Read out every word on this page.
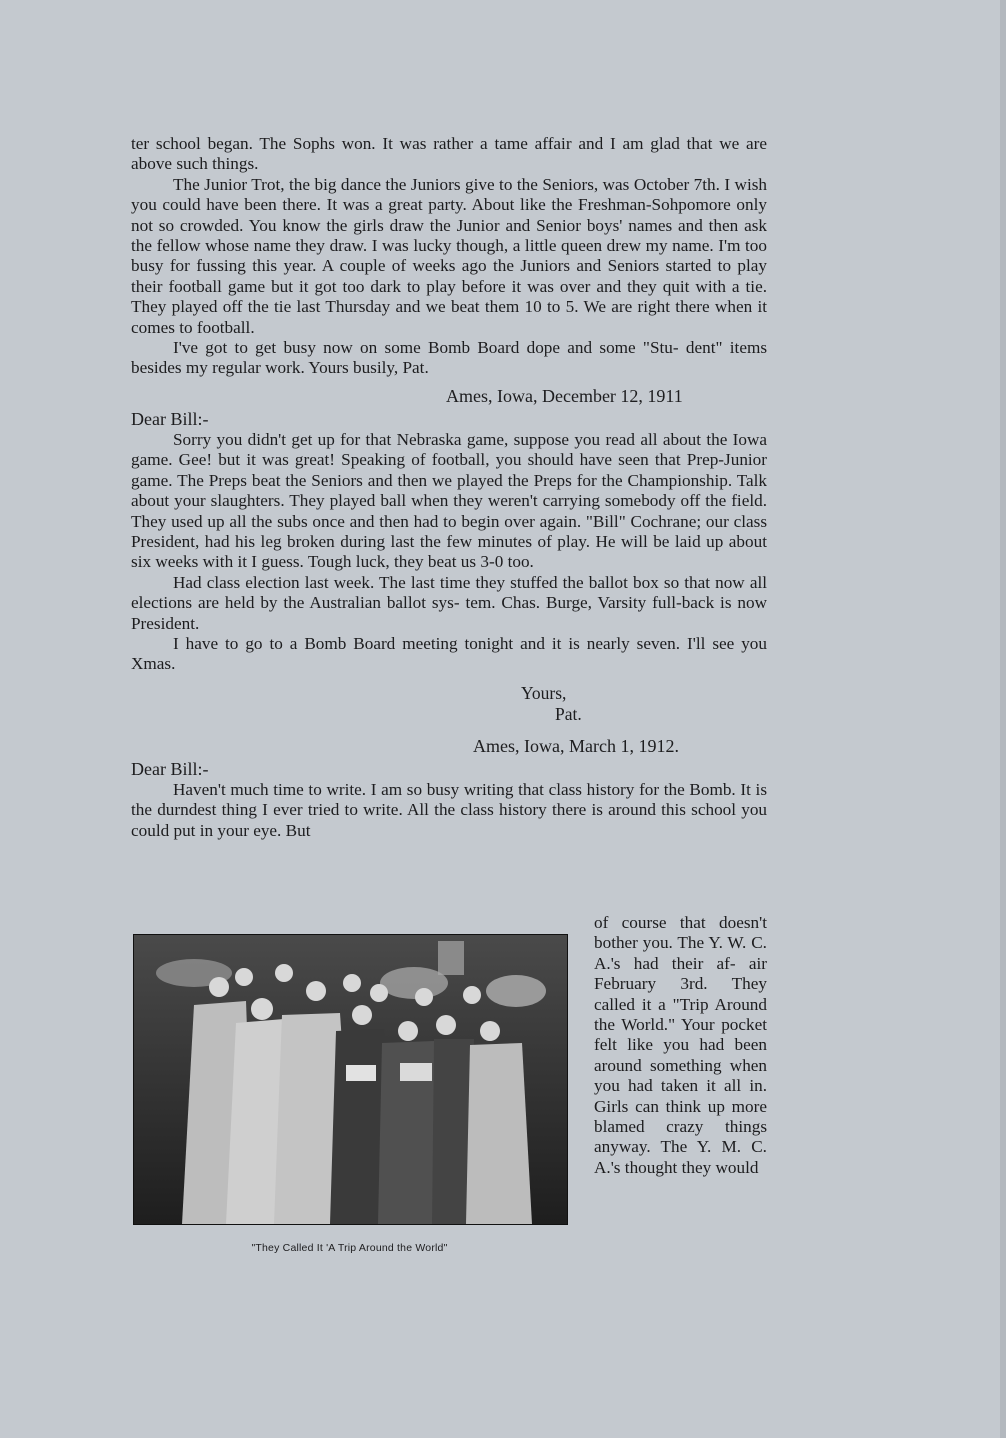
ter school began. The Sophs won. It was rather a tame affair and I am glad that we are above such things.

The Junior Trot, the big dance the Juniors give to the Seniors, was October 7th. I wish you could have been there. It was a great party. About like the Freshman-Sohpomore only not so crowded. You know the girls draw the Junior and Senior boys' names and then ask the fellow whose name they draw. I was lucky though, a little queen drew my name. I'm too busy for fussing this year. A couple of weeks ago the Juniors and Seniors started to play their football game but it got too dark to play before it was over and they quit with a tie. They played off the tie last Thursday and we beat them 10 to 5. We are right there when it comes to football.

I've got to get busy now on some Bomb Board dope and some "Stu- dent" items besides my regular work. Yours busily, Pat.

Ames, Iowa, December 12, 1911

Dear Bill:-

Sorry you didn't get up for that Nebraska game, suppose you read all about the Iowa game. Gee! but it was great! Speaking of football, you should have seen that Prep-Junior game. The Preps beat the Seniors and then we played the Preps for the Championship. Talk about your slaughters. They played ball when they weren't carrying somebody off the field. They used up all the subs once and then had to begin over again. "Bill" Cochrane; our class President, had his leg broken during last the few minutes of play. He will be laid up about six weeks with it I guess. Tough luck, they beat us 3-0 too.

Had class election last week. The last time they stuffed the ballot box so that now all elections are held by the Australian ballot sys- tem. Chas. Burge, Varsity full-back is now President.

I have to go to a Bomb Board meeting tonight and it is nearly seven. I'll see you Xmas.

Yours,

Pat.

Ames, Iowa, March 1, 1912.

Dear Bill:-

Haven't much time to write. I am so busy writing that class history for the Bomb. It is the durndest thing I ever tried to write. All the class history there is around this school you could put in your eye. But

of course that doesn't bother you. The Y. W. C. A.'s had their af- air February 3rd. They called it a "Trip Around the World." Your pocket felt like you had been around something when you had taken it all in. Girls can think up more blamed crazy things anyway. The Y. M. C. A.'s thought they would

"They Called It 'A Trip Around the World"
